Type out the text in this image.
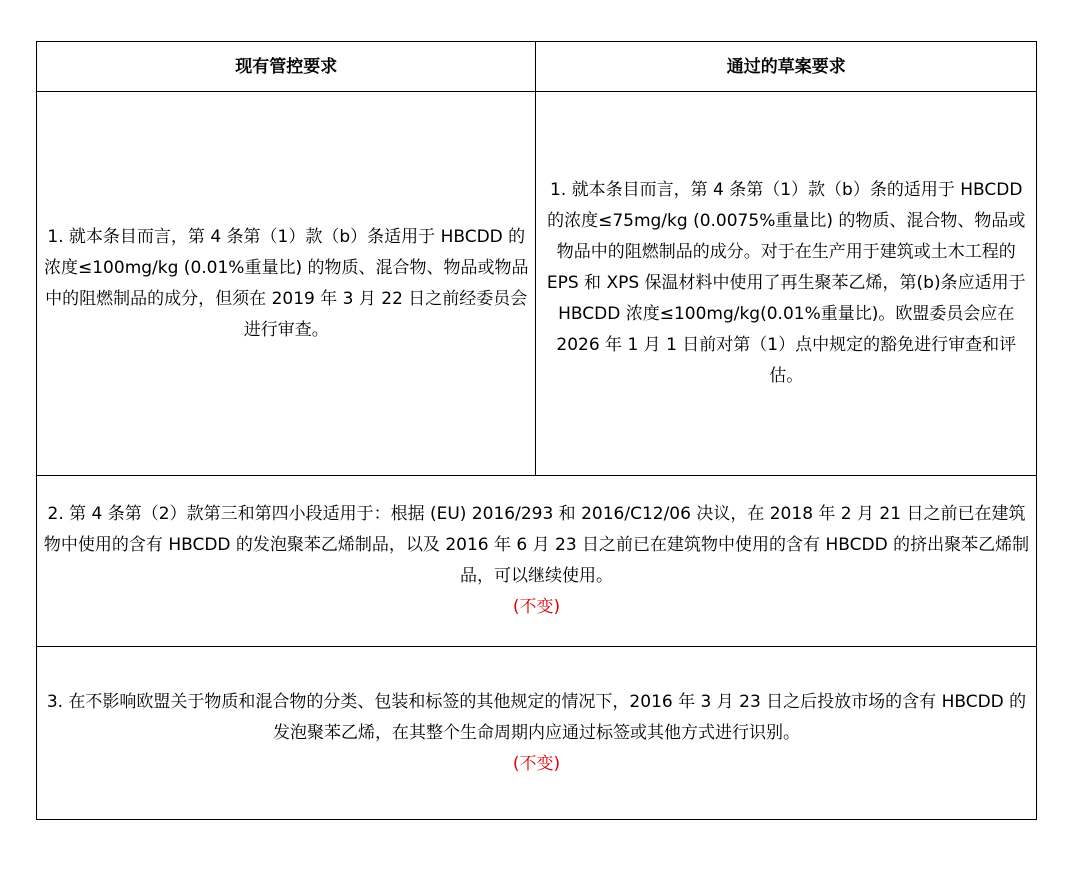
现有管控要求	通过的草案要求
1. 就本条目而言，第 4 条第（1）款（b）条适用于 HBCDD 的浓度≤100mg/kg (0.01%重量比) 的物质、混合物、物品或物品中的阻燃制品的成分，但须在 2019 年 3 月 22 日之前经委员会进行审查。	1. 就本条目而言，第 4 条第（1）款（b）条的适用于 HBCDD 的浓度≤75mg/kg (0.0075%重量比) 的物质、混合物、物品或物品中的阻燃制品的成分。对于在生产用于建筑或土木工程的 EPS 和 XPS 保温材料中使用了再生聚苯乙烯，第(b)条应适用于 HBCDD 浓度≤100mg/kg(0.01%重量比)。欧盟委员会应在 2026 年 1 月 1 日前对第（1）点中规定的豁免进行审查和评估。

2. 第 4 条第（2）款第三和第四小段适用于：根据 (EU) 2016/293 和 2016/C12/06 决议，在 2018 年 2 月 21 日之前已在建筑物中使用的含有 HBCDD 的发泡聚苯乙烯制品，以及 2016 年 6 月 23 日之前已在建筑物中使用的含有 HBCDD 的挤出聚苯乙烯制品，可以继续使用。
(不变)	

3. 在不影响欧盟关于物质和混合物的分类、包装和标签的其他规定的情况下，2016 年 3 月 23 日之后投放市场的含有 HBCDD 的发泡聚苯乙烯，在其整个生命周期内应通过标签或其他方式进行识别。
(不变)	
